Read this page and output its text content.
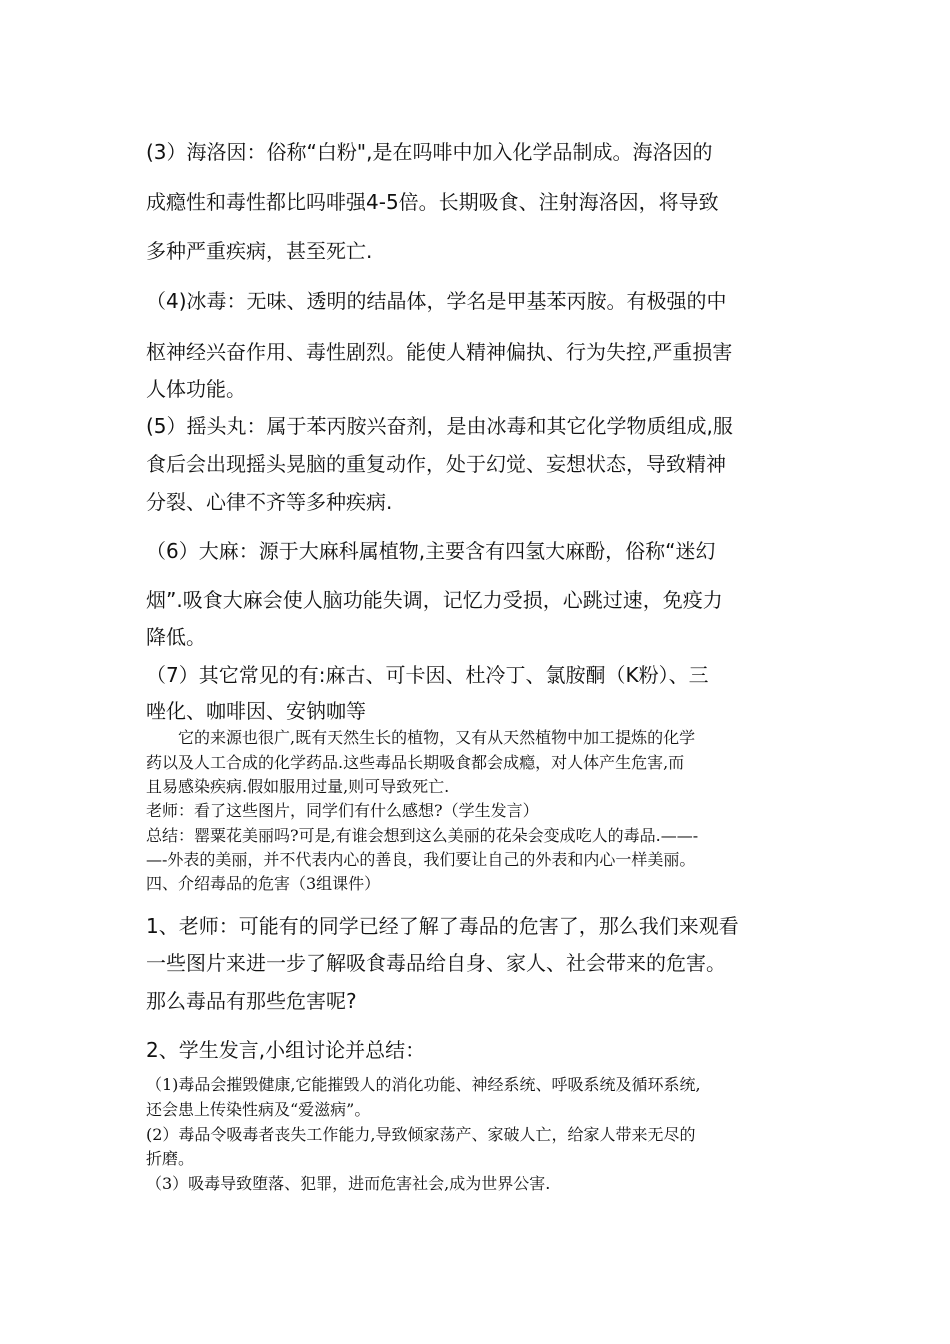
(3）海洛因：俗称“白粉",是在吗啡中加入化学品制成。海洛因的

成瘾性和毒性都比吗啡强4-5倍。长期吸食、注射海洛因，将导致

多种严重疾病，甚至死亡.

（4)冰毒：无味、透明的结晶体，学名是甲基苯丙胺。有极强的中

枢神经兴奋作用、毒性剧烈。能使人精神偏执、行为失控,严重损害

人体功能。

(5）摇头丸：属于苯丙胺兴奋剂，是由冰毒和其它化学物质组成,服

食后会出现摇头晃脑的重复动作，处于幻觉、妄想状态，导致精神

分裂、心律不齐等多种疾病.

（6）大麻：源于大麻科属植物,主要含有四氢大麻酚，俗称“迷幻

烟”.吸食大麻会使人脑功能失调，记忆力受损，心跳过速，免疫力

降低。

（7）其它常见的有:麻古、可卡因、杜冷丁、氯胺酮（K粉）、三

唑化、咖啡因、安钠咖等

它的来源也很广,既有天然生长的植物，又有从天然植物中加工提炼的化学

药以及人工合成的化学药品.这些毒品长期吸食都会成瘾，对人体产生危害,而

且易感染疾病.假如服用过量,则可导致死亡.

老师：看了这些图片，同学们有什么感想?（学生发言）

总结：罂粟花美丽吗?可是,有谁会想到这么美丽的花朵会变成吃人的毒品.——-

—-外表的美丽，并不代表内心的善良，我们要让自己的外表和内心一样美丽。

四、介绍毒品的危害（3组课件）

1、老师：可能有的同学已经了解了毒品的危害了，那么我们来观看

一些图片来进一步了解吸食毒品给自身、家人、社会带来的危害。

那么毒品有那些危害呢?

2、学生发言,小组讨论并总结：

（1)毒品会摧毁健康,它能摧毁人的消化功能、神经系统、呼吸系统及循环系统,

还会患上传染性病及“爱滋病”。

(2）毒品令吸毒者丧失工作能力,导致倾家荡产、家破人亡，给家人带来无尽的

折磨。

（3）吸毒导致堕落、犯罪，进而危害社会,成为世界公害.
